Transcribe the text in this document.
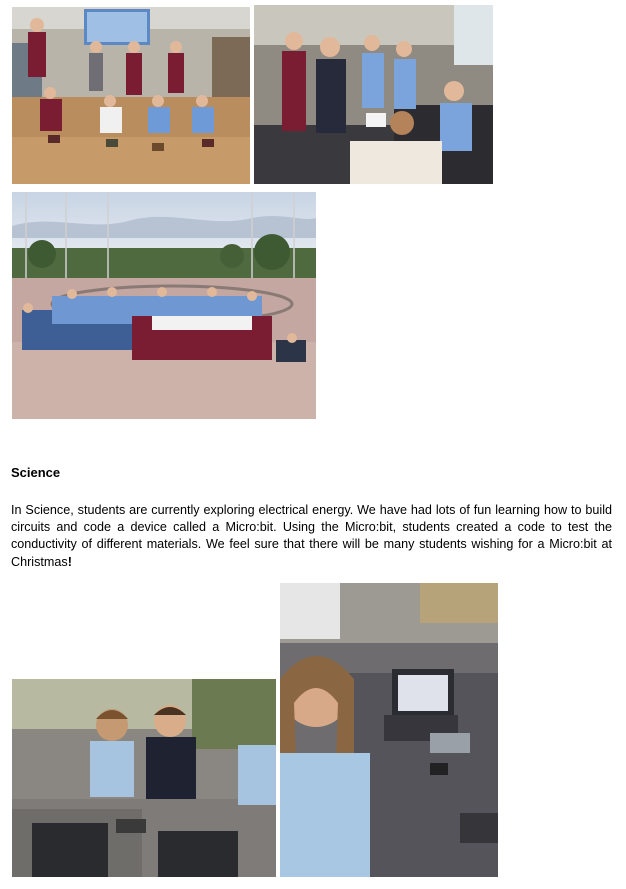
Science

In Science, students are currently exploring electrical energy. We have had lots of fun learning how to build circuits and code a device called a Micro:bit. Using the Micro:bit, students created a code to test the conductivity of different materials. We feel sure that there will be many students wishing for a Micro:bit at Christmas!
